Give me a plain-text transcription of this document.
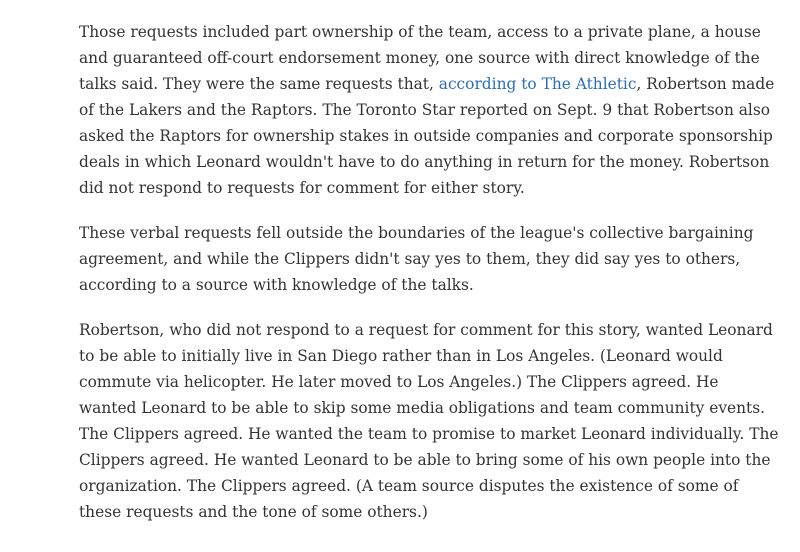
Those requests included part ownership of the team, access to a private plane, a house and guaranteed off-court endorsement money, one source with direct knowledge of the talks said. They were the same requests that, according to The Athletic, Robertson made of the Lakers and the Raptors. The Toronto Star reported on Sept. 9 that Robertson also asked the Raptors for ownership stakes in outside companies and corporate sponsorship deals in which Leonard wouldn't have to do anything in return for the money. Robertson did not respond to requests for comment for either story.

These verbal requests fell outside the boundaries of the league's collective bargaining agreement, and while the Clippers didn't say yes to them, they did say yes to others, according to a source with knowledge of the talks.

Robertson, who did not respond to a request for comment for this story, wanted Leonard to be able to initially live in San Diego rather than in Los Angeles. (Leonard would commute via helicopter. He later moved to Los Angeles.) The Clippers agreed. He wanted Leonard to be able to skip some media obligations and team community events. The Clippers agreed. He wanted the team to promise to market Leonard individually. The Clippers agreed. He wanted Leonard to be able to bring some of his own people into the organization. The Clippers agreed. (A team source disputes the existence of some of these requests and the tone of some others.)
